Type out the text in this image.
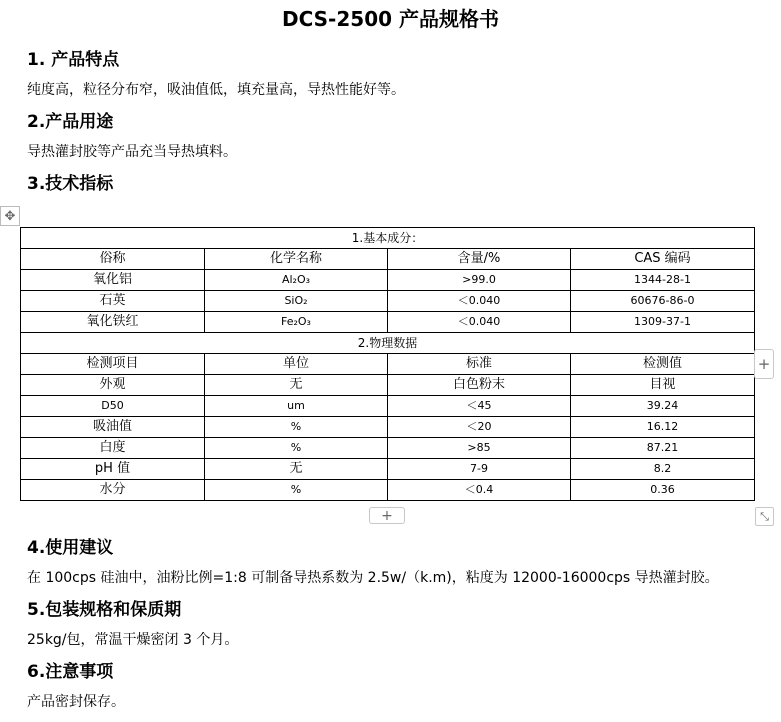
DCS-2500 产品规格书
1. 产品特点
纯度高，粒径分布窄，吸油值低，填充量高，导热性能好等。
2.产品用途
导热灌封胶等产品充当导热填料。
3.技术指标
✥
1.基本成分：			
俗称	化学名称	含量/%	CAS 编码
氧化铝	Al₂O₃	>99.0	1344-28-1
石英	SiO₂	＜0.040	60676-86-0
氧化铁红	Fe₂O₃	＜0.040	1309-37-1
2.物理数据			
检测项目	单位	标准	检测值
外观	无	白色粉末	目视
D50	um	＜45	39.24
吸油值	%	＜20	16.12
白度	%	>85	87.21
pH 值	无	7-9	8.2
水分	%	＜0.4	0.36
+
+	⤡
4.使用建议
在 100cps 硅油中，油粉比例=1:8 可制备导热系数为 2.5w/（k.m)，粘度为 12000-16000cps 导热灌封胶。
5.包装规格和保质期
25kg/包，常温干燥密闭 3 个月。
6.注意事项
产品密封保存。
